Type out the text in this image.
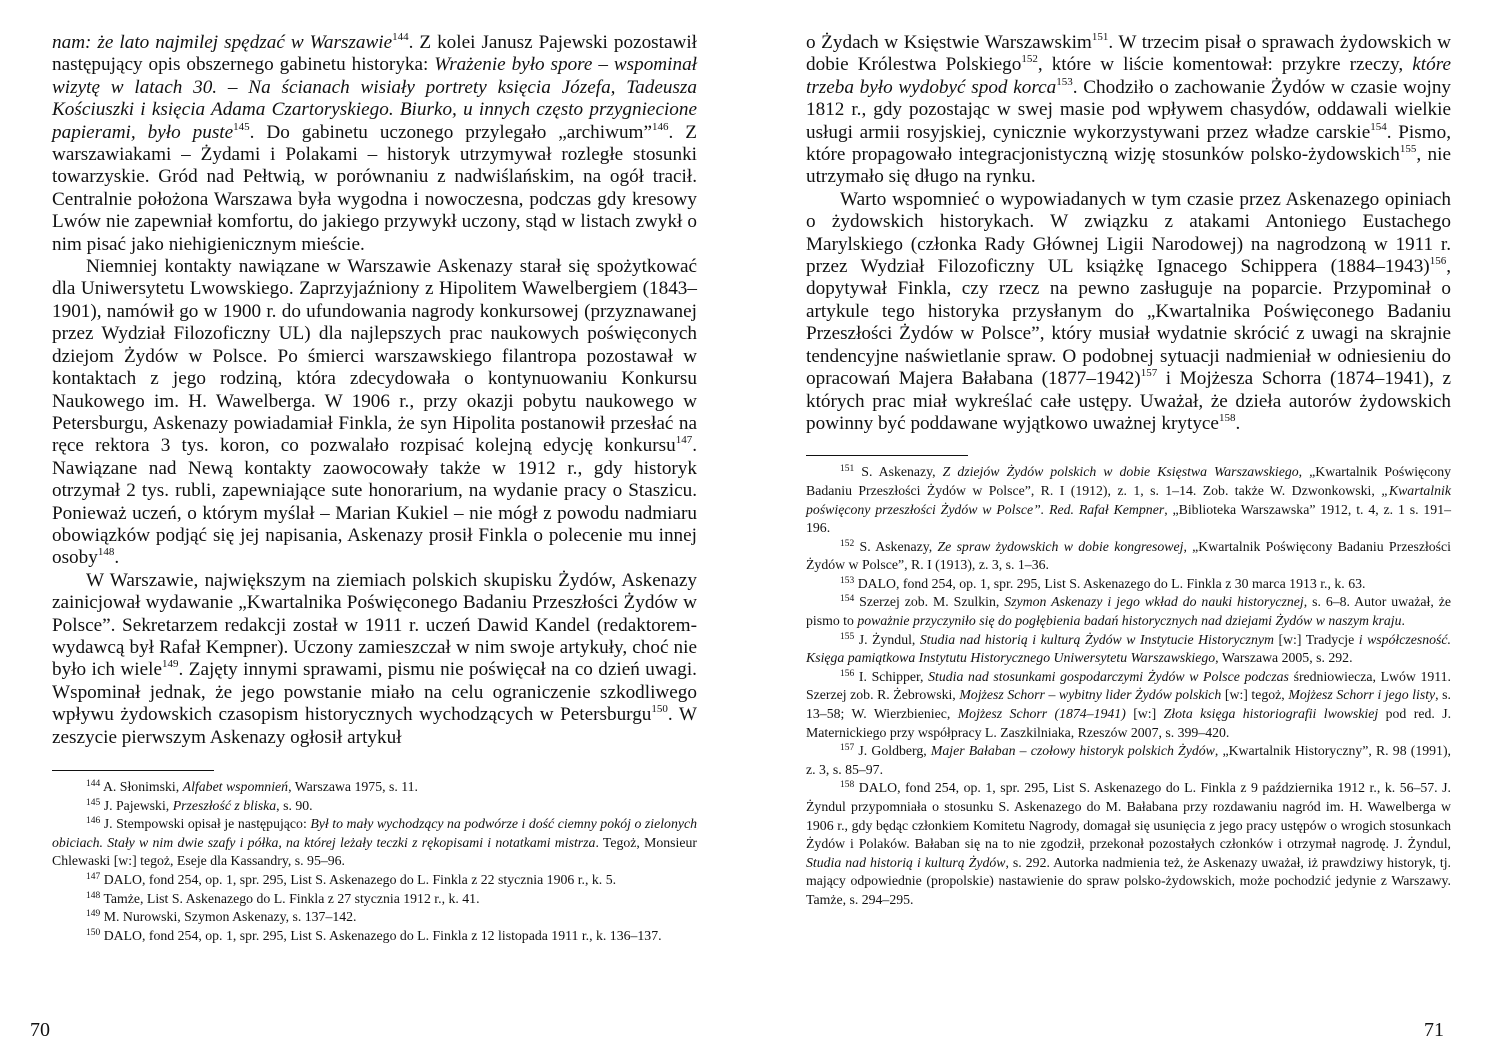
nam: że lato najmilej spędzać w Warszawie$^{144}$. Z kolei Janusz Pajewski pozostawił następujący opis obszernego gabinetu historyka: Wrażenie było spore – wspominał wizytę w latach 30. – Na ścianach wisiały portrety księcia Józefa, Tadeusza Kościuszki i księcia Adama Czartoryskiego. Biurko, u innych często przygniecione papierami, było puste$^{145}$. Do gabinetu uczonego przylegało „archiwum”$^{146}$. Z warszawiakami – Żydami i Polakami – historyk utrzymywał rozległe stosunki towarzyskie. Gród nad Pełtwią, w porównaniu z nadwiślańskim, na ogół tracił. Centralnie położona Warszawa była wygodna i nowoczesna, podczas gdy kresowy Lwów nie zapewniał komfortu, do jakiego przywykł uczony, stąd w listach zwykł o nim pisać jako niehigienicznym mieście.

Niemniej kontakty nawiązane w Warszawie Askenazy starał się spożytkować dla Uniwersytetu Lwowskiego. Zaprzyjaźniony z Hipolitem Wawelbergiem (1843–1901), namówił go w 1900 r. do ufundowania nagrody konkursowej (przyznawanej przez Wydział Filozoficzny UL) dla najlepszych prac naukowych poświęconych dziejom Żydów w Polsce. Po śmierci warszawskiego filantropa pozostawał w kontaktach z jego rodziną, która zdecydowała o kontynuowaniu Konkursu Naukowego im. H. Wawelberga. W 1906 r., przy okazji pobytu naukowego w Petersburgu, Askenazy powiadamiał Finkla, że syn Hipolita postanowił przesłać na ręce rektora 3 tys. koron, co pozwalało rozpisać kolejną edycję konkursu$^{147}$. Nawiązane nad Newą kontakty zaowocowały także w 1912 r., gdy historyk otrzymał 2 tys. rubli, zapewniające sute honorarium, na wydanie pracy o Staszicu. Ponieważ uczeń, o którym myślał – Marian Kukiel – nie mógł z powodu nadmiaru obowiązków podjąć się jej napisania, Askenazy prosił Finkla o polecenie mu innej osoby$^{148}$.

W Warszawie, największym na ziemiach polskich skupisku Żydów, Askenazy zainicjował wydawanie „Kwartalnika Poświęconego Badaniu Przeszłości Żydów w Polsce”. Sekretarzem redakcji został w 1911 r. uczeń Dawid Kandel (redaktorem-wydawcą był Rafał Kempner). Uczony zamieszczał w nim swoje artykuły, choć nie było ich wiele$^{149}$. Zajęty innymi sprawami, pismu nie poświęcał na co dzień uwagi. Wspominał jednak, że jego powstanie miało na celu ograniczenie szkodliwego wpływu żydowskich czasopism historycznych wychodzących w Petersburgu$^{150}$. W zeszycie pierwszym Askenazy ogłosił artykuł

$^{144}$ A. Słonimski, Alfabet wspomnień, Warszawa 1975, s. 11.

$^{145}$ J. Pajewski, Przeszłość z bliska, s. 90.

$^{146}$ J. Stempowski opisał je następująco: Był to mały wychodzący na podwórze i dość ciemny pokój o zielonych obiciach. Stały w nim dwie szafy i półka, na której leżały teczki z rękopisami i notatkami mistrza. Tegoż, Monsieur Chlewaski [w:] tegoż, Eseje dla Kassandry, s. 95–96.

$^{147}$ DALO, fond 254, op. 1, spr. 295, List S. Askenazego do L. Finkla z 22 stycznia 1906 r., k. 5.

$^{148}$ Tamże, List S. Askenazego do L. Finkla z 27 stycznia 1912 r., k. 41.

$^{149}$ M. Nurowski, Szymon Askenazy, s. 137–142.

$^{150}$ DALO, fond 254, op. 1, spr. 295, List S. Askenazego do L. Finkla z 12 listopada 1911 r., k. 136–137.

70

o Żydach w Księstwie Warszawskim$^{151}$. W trzecim pisał o sprawach żydowskich w dobie Królestwa Polskiego$^{152}$, które w liście komentował: przykre rzeczy, które trzeba było wydobyć spod korca$^{153}$. Chodziło o zachowanie Żydów w czasie wojny 1812 r., gdy pozostając w swej masie pod wpływem chasydów, oddawali wielkie usługi armii rosyjskiej, cynicznie wykorzystywani przez władze carskie$^{154}$. Pismo, które propagowało integracjonistyczną wizję stosunków polsko-żydowskich$^{155}$, nie utrzymało się długo na rynku.

Warto wspomnieć o wypowiadanych w tym czasie przez Askenazego opiniach o żydowskich historykach. W związku z atakami Antoniego Eustachego Marylskiego (członka Rady Głównej Ligii Narodowej) na nagrodzoną w 1911 r. przez Wydział Filozoficzny UL książkę Ignacego Schippera (1884–1943)$^{156}$, dopytywał Finkla, czy rzecz na pewno zasługuje na poparcie. Przypominał o artykule tego historyka przysłanym do „Kwartalnika Poświęconego Badaniu Przeszłości Żydów w Polsce”, który musiał wydatnie skrócić z uwagi na skrajnie tendencyjne naświetlanie spraw. O podobnej sytuacji nadmieniał w odniesieniu do opracowań Majera Bałabana (1877–1942)$^{157}$ i Mojżesza Schorra (1874–1941), z których prac miał wykreślać całe ustępy. Uważał, że dzieła autorów żydowskich powinny być poddawane wyjątkowo uważnej krytyce$^{158}$.

$^{151}$ S. Askenazy, Z dziejów Żydów polskich w dobie Księstwa Warszawskiego, „Kwartalnik Poświęcony Badaniu Przeszłości Żydów w Polsce”, R. I (1912), z. 1, s. 1–14. Zob. także W. Dzwonkowski, „Kwartalnik poświęcony przeszłości Żydów w Polsce”. Red. Rafał Kempner, „Biblioteka Warszawska” 1912, t. 4, z. 1 s. 191–196.

$^{152}$ S. Askenazy, Ze spraw żydowskich w dobie kongresowej, „Kwartalnik Poświęcony Badaniu Przeszłości Żydów w Polsce”, R. I (1913), z. 3, s. 1–36.

$^{153}$ DALO, fond 254, op. 1, spr. 295, List S. Askenazego do L. Finkla z 30 marca 1913 r., k. 63.

$^{154}$ Szerzej zob. M. Szulkin, Szymon Askenazy i jego wkład do nauki historycznej, s. 6–8. Autor uważał, że pismo to poważnie przyczyniło się do pogłębienia badań historycznych nad dziejami Żydów w naszym kraju.

$^{155}$ J. Żyndul, Studia nad historią i kulturą Żydów w Instytucie Historycznym [w:] Tradycje i współczesność. Księga pamiątkowa Instytutu Historycznego Uniwersytetu Warszawskiego, Warszawa 2005, s. 292.

$^{156}$ I. Schipper, Studia nad stosunkami gospodarczymi Żydów w Polsce podczas średniowiecza, Lwów 1911. Szerzej zob. R. Żebrowski, Mojżesz Schorr – wybitny lider Żydów polskich [w:] tegoż, Mojżesz Schorr i jego listy, s. 13–58; W. Wierzbieniec, Mojżesz Schorr (1874–1941) [w:] Złota księga historiografii lwowskiej pod red. J. Maternickiego przy współpracy L. Zaszkilniaka, Rzeszów 2007, s. 399–420.

$^{157}$ J. Goldberg, Majer Bałaban – czołowy historyk polskich Żydów, „Kwartalnik Historyczny”, R. 98 (1991), z. 3, s. 85–97.

$^{158}$ DALO, fond 254, op. 1, spr. 295, List S. Askenazego do L. Finkla z 9 października 1912 r., k. 56–57. J. Żyndul przypomniała o stosunku S. Askenazego do M. Bałabana przy rozdawaniu nagród im. H. Wawelberga w 1906 r., gdy będąc członkiem Komitetu Nagrody, domagał się usunięcia z jego pracy ustępów o wrogich stosunkach Żydów i Polaków. Bałaban się na to nie zgodził, przekonał pozostałych członków i otrzymał nagrodę. J. Żyndul, Studia nad historią i kulturą Żydów, s. 292. Autorka nadmienia też, że Askenazy uważał, iż prawdziwy historyk, tj. mający odpowiednie (propolskie) nastawienie do spraw polsko-żydowskich, może pochodzić jedynie z Warszawy. Tamże, s. 294–295.

71
